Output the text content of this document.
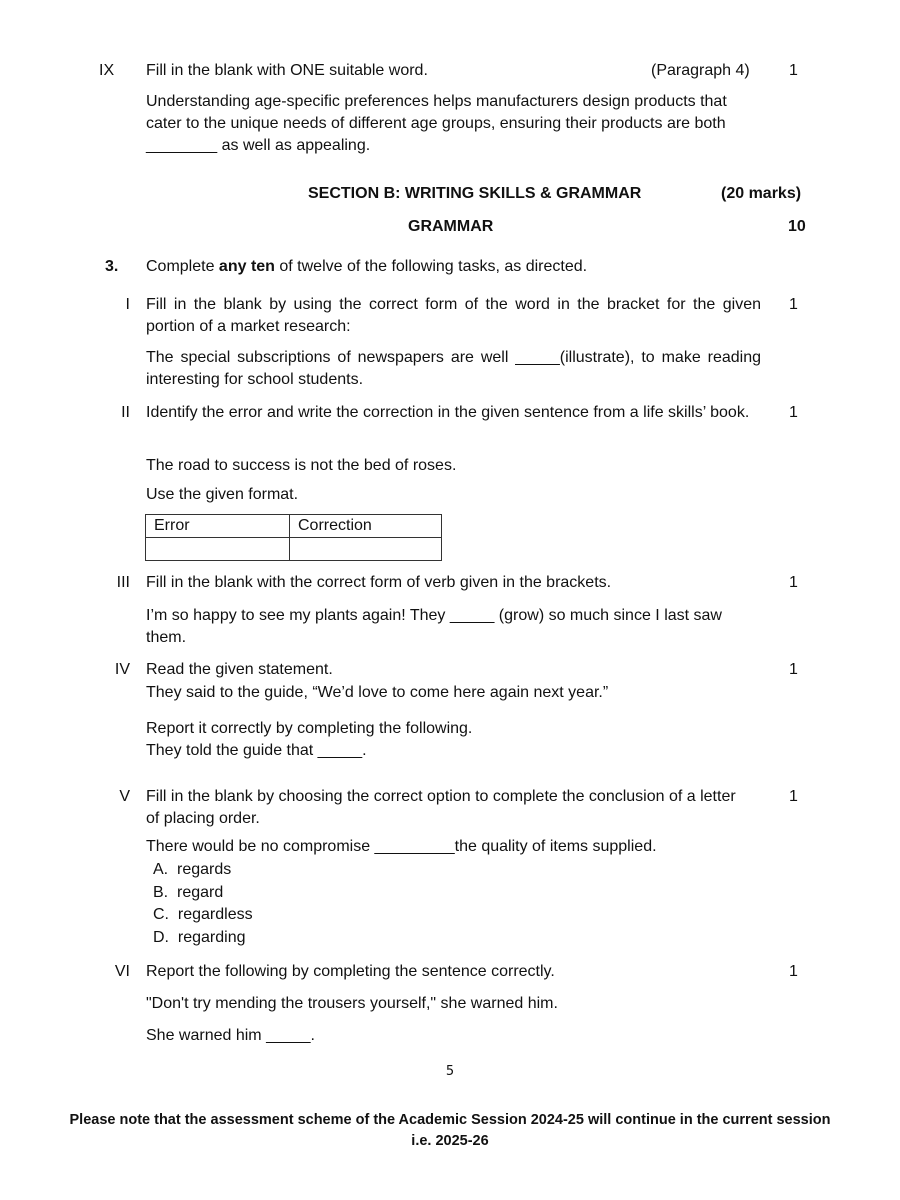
IX Fill in the blank with ONE suitable word.	(Paragraph 4)	1
Understanding age-specific preferences helps manufacturers design products that cater to the unique needs of different age groups, ensuring their products are both ________ as well as appealing.
SECTION B: WRITING SKILLS & GRAMMAR	(20 marks)
GRAMMAR	10
3. Complete any ten of twelve of the following tasks, as directed.
I Fill in the blank by using the correct form of the word in the bracket for the given portion of a market research:
1
The special subscriptions of newspapers are well _____(illustrate), to make reading interesting for school students.
II Identify the error and write the correction in the given sentence from a life skills’ book.	1
The road to success is not the bed of roses.
Use the given format.
Error	Correction

III Fill in the blank with the correct form of verb given in the brackets.	1
I’m so happy to see my plants again! They _____ (grow) so much since I last saw them.
IV Read the given statement.	1
They said to the guide, “We’d love to come here again next year.”
Report it correctly by completing the following.
They told the guide that _____.
V Fill in the blank by choosing the correct option to complete the conclusion of a letter of placing order.
1
There would be no compromise _________the quality of items supplied.
A.  regards
B.  regard
C.  regardless
D.  regarding
VI Report the following by completing the sentence correctly.	1
"Don't try mending the trousers yourself," she warned him.
She warned him _____.
5
Please note that the assessment scheme of the Academic Session 2024-25 will continue in the current session i.e. 2025-26
